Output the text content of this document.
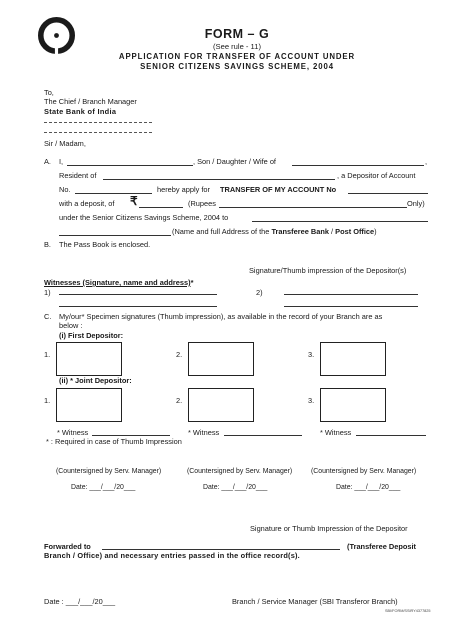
FORM – G
(See rule - 11)
APPLICATION FOR TRANSFER OF ACCOUNT UNDER
SENIOR CITIZENS SAVINGS SCHEME, 2004
To,
The Chief / Branch Manager
State Bank of India
Sir / Madam,
A. I,	, Son / Daughter / Wife of	,
Resident of	, a Depositor of Account
No.	hereby apply for TRANSFER OF MY ACCOUNT No
with a deposit, of ₹	(Rupees	Only)
under the Senior Citizens Savings Scheme, 2004 to
(Name and full Address of the Transferee Bank / Post Office)
B. The Pass Book is enclosed.
Signature/Thumb impression of the Depositor(s)
Witnesses (Signature, name and address)*
1)	2)
C. My/our* Specimen signatures (Thumb impression), as available in the record of your Branch are as
below :
(i) First Depositor:
1.	2.	3.
(ii) * Joint Depositor:
1.	2.	3.
* Witness	* Witness	* Witness
* : Required in case of Thumb Impression
(Countersigned by Serv. Manager)	(Countersigned by Serv. Manager)	(Countersigned by Serv. Manager)
Date: ___/___/20___	Date: ___/___/20___	Date: ___/___/20___
Signature or Thumb Impression of the Depositor
Forwarded to	(Transferee Deposit
Branch / Office) and necessary entries passed in the office record(s).
Date : ___/___/20___	Branch / Service Manager (SBI Transferor Branch)
SBI/FORM/SSIRY4377825
